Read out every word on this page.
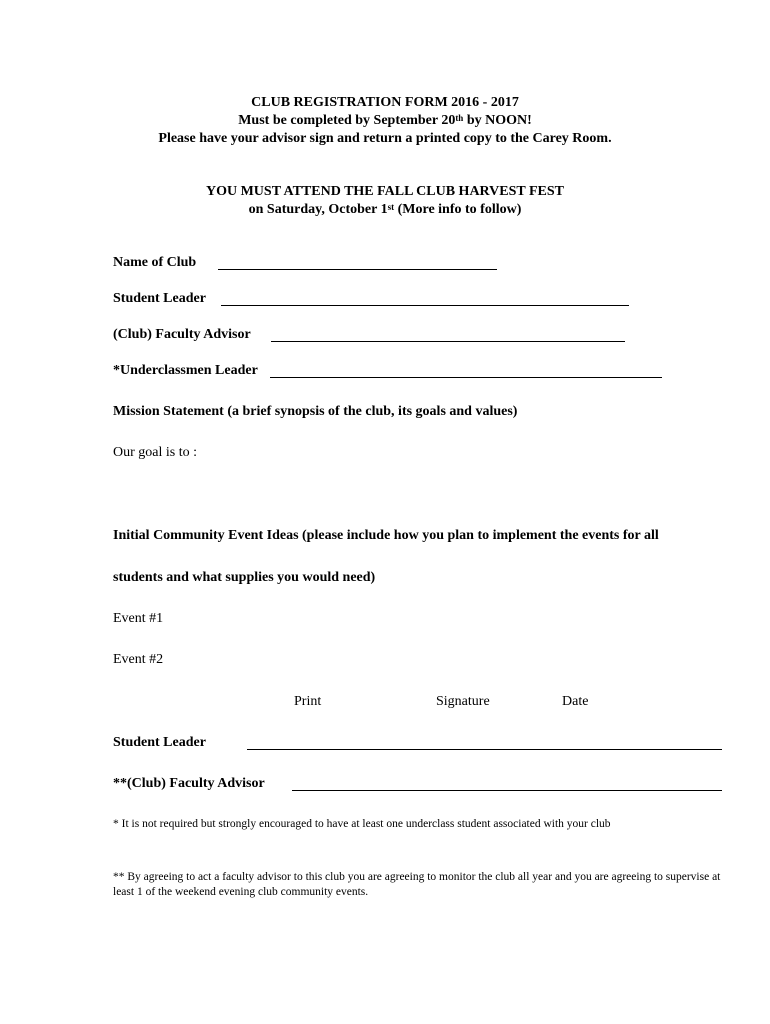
CLUB REGISTRATION FORM 2016 - 2017
Must be completed by September 20th by NOON!
Please have your advisor sign and return a printed copy to the Carey Room.
YOU MUST ATTEND THE FALL CLUB HARVEST FEST
on Saturday, October 1st (More info to follow)
Name of Club
Student Leader
(Club) Faculty Advisor
*Underclassmen Leader
Mission Statement (a brief synopsis of the club, its goals and values)
Our goal is to :
Initial Community Event Ideas (please include how you plan to implement the events for all
students and what supplies you would need)
Event #1
Event #2
Print	Signature	Date
Student Leader
**(Club) Faculty Advisor
* It is not required but strongly encouraged to have at least one underclass student associated with your club
** By agreeing to act a faculty advisor to this club you are agreeing to monitor the club all year and you are agreeing to supervise at least 1 of the weekend evening club community events.
